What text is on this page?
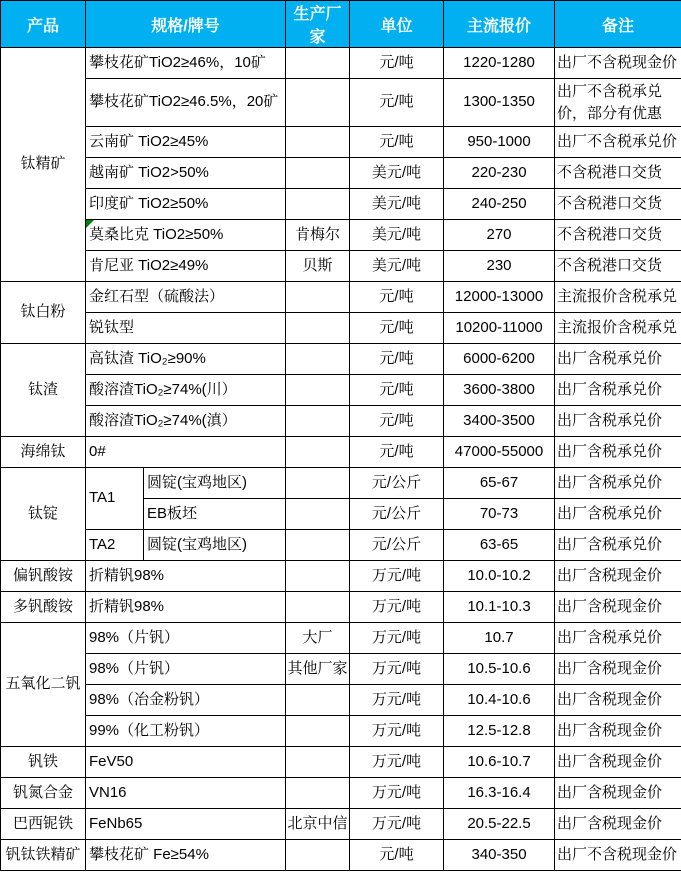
产品	规格/牌号		生产厂家	单位	主流报价	备注
钛精矿	攀枝花矿TiO2≥46%，10矿			元/吨	1220-1280	出厂不含税现金价
	攀枝花矿TiO2≥46.5%，20矿			元/吨	1300-1350	出厂不含税承兑价，部分有优惠
	云南矿 TiO2≥45%			元/吨	950-1000	出厂不含税承兑价
	越南矿 TiO2>50%			美元/吨	220-230	不含税港口交货
	印度矿 TiO2≥50%			美元/吨	240-250	不含税港口交货
	莫桑比克 TiO2≥50%		肯梅尔	美元/吨	270	不含税港口交货
	肯尼亚 TiO2≥49%		贝斯	美元/吨	230	不含税港口交货
钛白粉	金红石型（硫酸法）			元/吨	12000-13000	主流报价含税承兑
	锐钛型			元/吨	10200-11000	主流报价含税承兑
钛渣	高钛渣 TiO₂≥90%			元/吨	6000-6200	出厂含税承兑价
	酸溶渣TiO₂≥74%(川）			元/吨	3600-3800	出厂含税承兑价
	酸溶渣TiO₂≥74%(滇）			元/吨	3400-3500	出厂含税承兑价
海绵钛	0#			元/吨	47000-55000	出厂含税承兑价
钛锭	TA1	圆锭(宝鸡地区)		元/公斤	65-67	出厂含税承兑价
		EB板坯		元/公斤	70-73	出厂含税承兑价
	TA2	圆锭(宝鸡地区)		元/公斤	63-65	出厂含税承兑价
偏钒酸铵	折精钒98%			万元/吨	10.0-10.2	出厂含税现金价
多钒酸铵	折精钒98%			万元/吨	10.1-10.3	出厂含税现金价
五氧化二钒	98%（片钒）		大厂	万元/吨	10.7	出厂含税承兑价
	98%（片钒）		其他厂家	万元/吨	10.5-10.6	出厂含税现金价
	98%（冶金粉钒）			万元/吨	10.4-10.6	出厂含税现金价
	99%（化工粉钒）			万元/吨	12.5-12.8	出厂含税现金价
钒铁	FeV50			万元/吨	10.6-10.7	出厂含税现金价
钒氮合金	VN16			万元/吨	16.3-16.4	出厂含税现金价
巴西铌铁	FeNb65		北京中信	万元/吨	20.5-22.5	出厂含税现金价
钒钛铁精矿	攀枝花矿 Fe≥54%			元/吨	340-350	出厂不含税现金价
